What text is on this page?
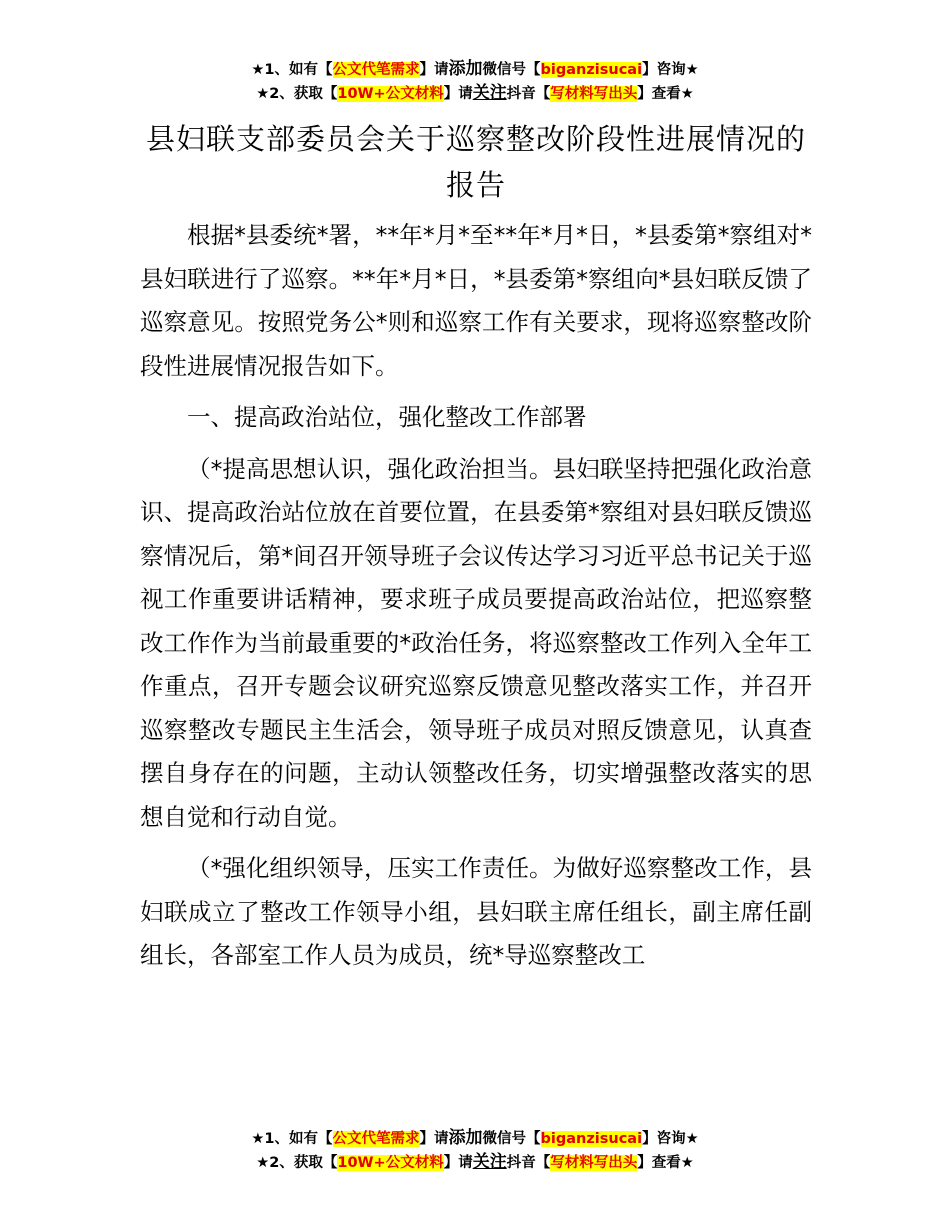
★1、如有【公文代笔需求】请添加微信号【biganzisucai】咨询★
★2、获取【10W+公文材料】请关注抖音【写材料写出头】查看★
县妇联支部委员会关于巡察整改阶段性进展情况的报告

根据*县委统*署，**年*月*至**年*月*日，*县委第*察组对*县妇联进行了巡察。**年*月*日，*县委第*察组向*县妇联反馈了巡察意见。按照党务公*则和巡察工作有关要求，现将巡察整改阶段性进展情况报告如下。

一、提高政治站位，强化整改工作部署

（*提高思想认识，强化政治担当。县妇联坚持把强化政治意识、提高政治站位放在首要位置，在县委第*察组对县妇联反馈巡察情况后，第*间召开领导班子会议传达学习习近平总书记关于巡视工作重要讲话精神，要求班子成员要提高政治站位，把巡察整改工作作为当前最重要的*政治任务，将巡察整改工作列入全年工作重点，召开专题会议研究巡察反馈意见整改落实工作，并召开巡察整改专题民主生活会，领导班子成员对照反馈意见，认真查摆自身存在的问题，主动认领整改任务，切实增强整改落实的思想自觉和行动自觉。

（*强化组织领导，压实工作责任。为做好巡察整改工作，县妇联成立了整改工作领导小组，县妇联主席任组长，副主席任副组长，各部室工作人员为成员，统*导巡察整改工

★1、如有【公文代笔需求】请添加微信号【biganzisucai】咨询★
★2、获取【10W+公文材料】请关注抖音【写材料写出头】查看★
